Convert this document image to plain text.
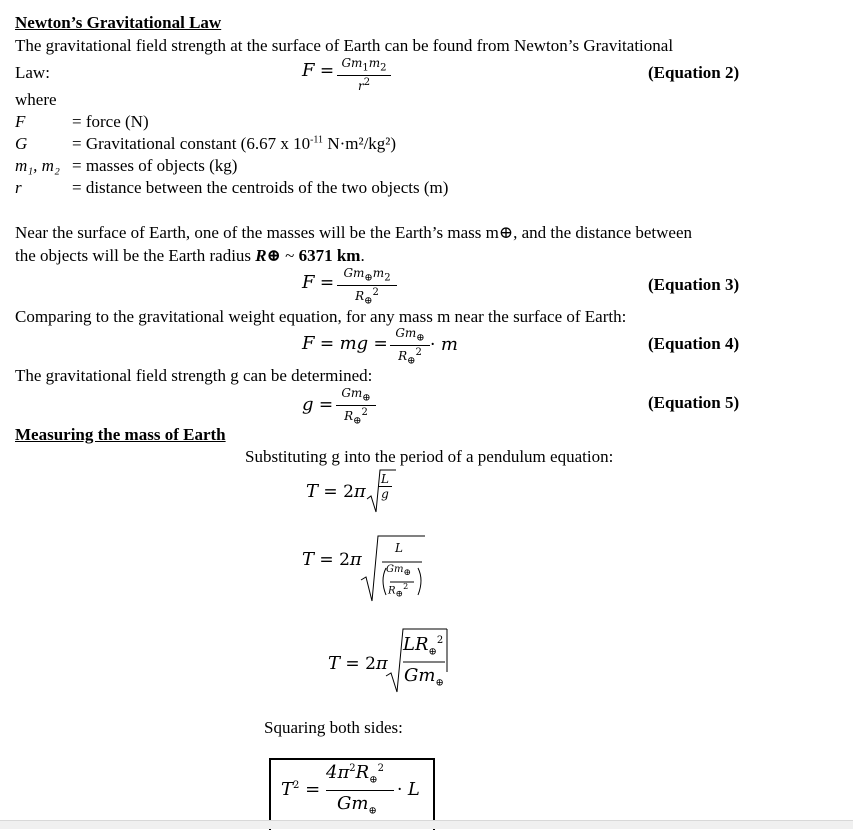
Newton’s Gravitational Law
The gravitational field strength at the surface of Earth can be found from Newton’s Gravitational
Law:	$F = \frac{Gm_1m_2}{r^2}$	(Equation 2)
where
F	= force (N)
G	= Gravitational constant (6.67 x $10^{-11}$ N·m²/kg²)
m₁, m₂ = masses of objects (kg)
r	= distance between the centroids of the two objects (m)
Near the surface of Earth, one of the masses will be the Earth’s mass m⊕, and the distance between
the objects will be the Earth radius R⊕ ~ 6371 km.
$F = \frac{Gm_\oplus m_2}{R_\oplus^2}$	(Equation 3)
Comparing to the gravitational weight equation, for any mass m near the surface of Earth:
F = mg = $\frac{Gm_\oplus}{R_\oplus^2} \cdot m$	(Equation 4)
The gravitational field strength g can be determined:
$g = \frac{Gm_\oplus}{R_\oplus^2}$	(Equation 5)
Measuring the mass of Earth
Substituting g into the period of a pendulum equation:
$T = 2\pi \frac{L}{g}$
T = 2π
L
$Gm_\oplus$
$R_\oplus^2$
T = 2π
$LR_\oplus^2$
$Gm_\oplus$
Squaring both sides:
$T^2$ =
$4\pi^2R_\oplus^2$
$Gm_\oplus$
· L
